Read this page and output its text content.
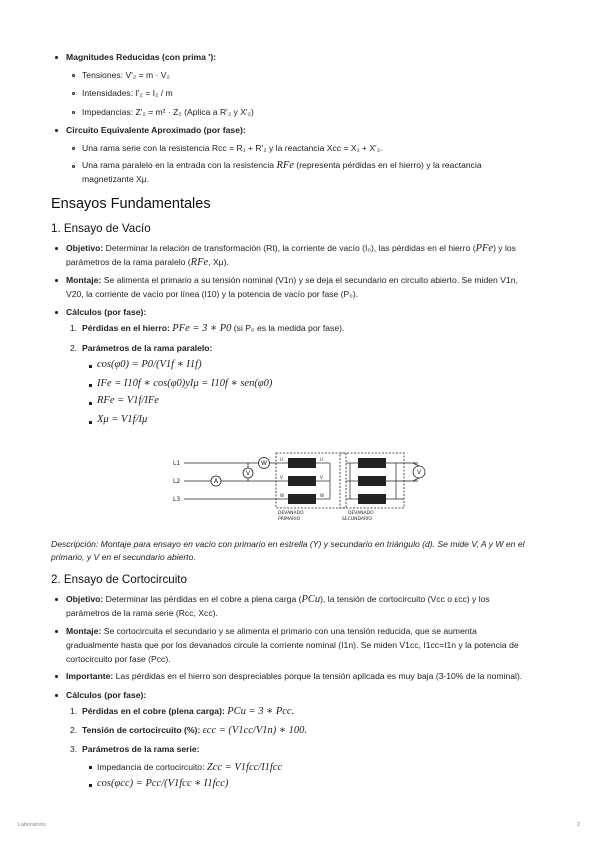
Magnitudes Reducidas (con prima '):
Tensiones: V'₂ = m · V₂
Intensidades: I'₂ = I₂ / m
Impedancias: Z'₂ = m² · Z₂ (Aplica a R'₂ y X'₂)
Circuito Equivalente Aproximado (por fase):
Una rama serie con la resistencia Rcc = R₁ + R'₂ y la reactancia Xcc = X₁ + X'₂.
Una rama paralelo en la entrada con la resistencia RFe (representa pérdidas en el hierro) y la reactancia
magnetizante Xμ.
Ensayos Fundamentales
1. Ensayo de Vacío
Objetivo: Determinar la relación de transformación (Rt), la corriente de vacío (I₀), las pérdidas en el hierro (PFe) y los
parámetros de la rama paralelo (RFe, Xμ).
Montaje: Se alimenta el primario a su tensión nominal (V1n) y se deja el secundario en circuito abierto. Se miden V1n,
V20, la corriente de vacío por línea (I10) y la potencia de vacío por fase (P₀).
Cálculos (por fase):
1. Pérdidas en el hierro: PFe = 3 ∗ P0 (si P₀ es la medida por fase).
2. Parámetros de la rama paralelo:
cos(φ0) = P0/(V1f ∗ I1f)
IFe = I10f ∗ cos(φ0)yIμ = I10f ∗ sen(φ0)
RFe = V1f/IFe
Xμ = V1f/Iμ
L1
L2
L3
V
A
W
V
U
V
W
U
V
W
DEVANADO
PRIMARIO
DEVANADO
SECUNDARIO
Descripción: Montaje para ensayo en vacío con primario en estrella (Y) y secundario en triángulo (d). Se mide V, A y W en el primario, y V en el secundario abierto.
2. Ensayo de Cortocircuito
Objetivo: Determinar las pérdidas en el cobre a plena carga (PCu), la tensión de cortocircuito (Vcc o εcc) y los
parámetros de la rama serie (Rcc, Xcc).
Montaje: Se cortocircuita el secundario y se alimenta el primario con una tensión reducida, que se aumenta
gradualmente hasta que por los devanados circule la corriente nominal (I1n). Se miden V1cc, I1cc=I1n y la potencia de
cortocircuito por fase (Pcc).
Importante: Las pérdidas en el hierro son despreciables porque la tensión aplicada es muy baja (3-10% de la nominal).
Cálculos (por fase):
1. Pérdidas en el cobre (plena carga): PCu = 3 ∗ Pcc.
2. Tensión de cortocircuito (%): εcc = (V1cc/V1n) ∗ 100.
3. Parámetros de la rama serie:
Impedancia de cortocircuito: Zcc = V1fcc/I1fcc
cos(φcc) = Pcc/(V1fcc ∗ I1fcc)
Laboratorio	2
